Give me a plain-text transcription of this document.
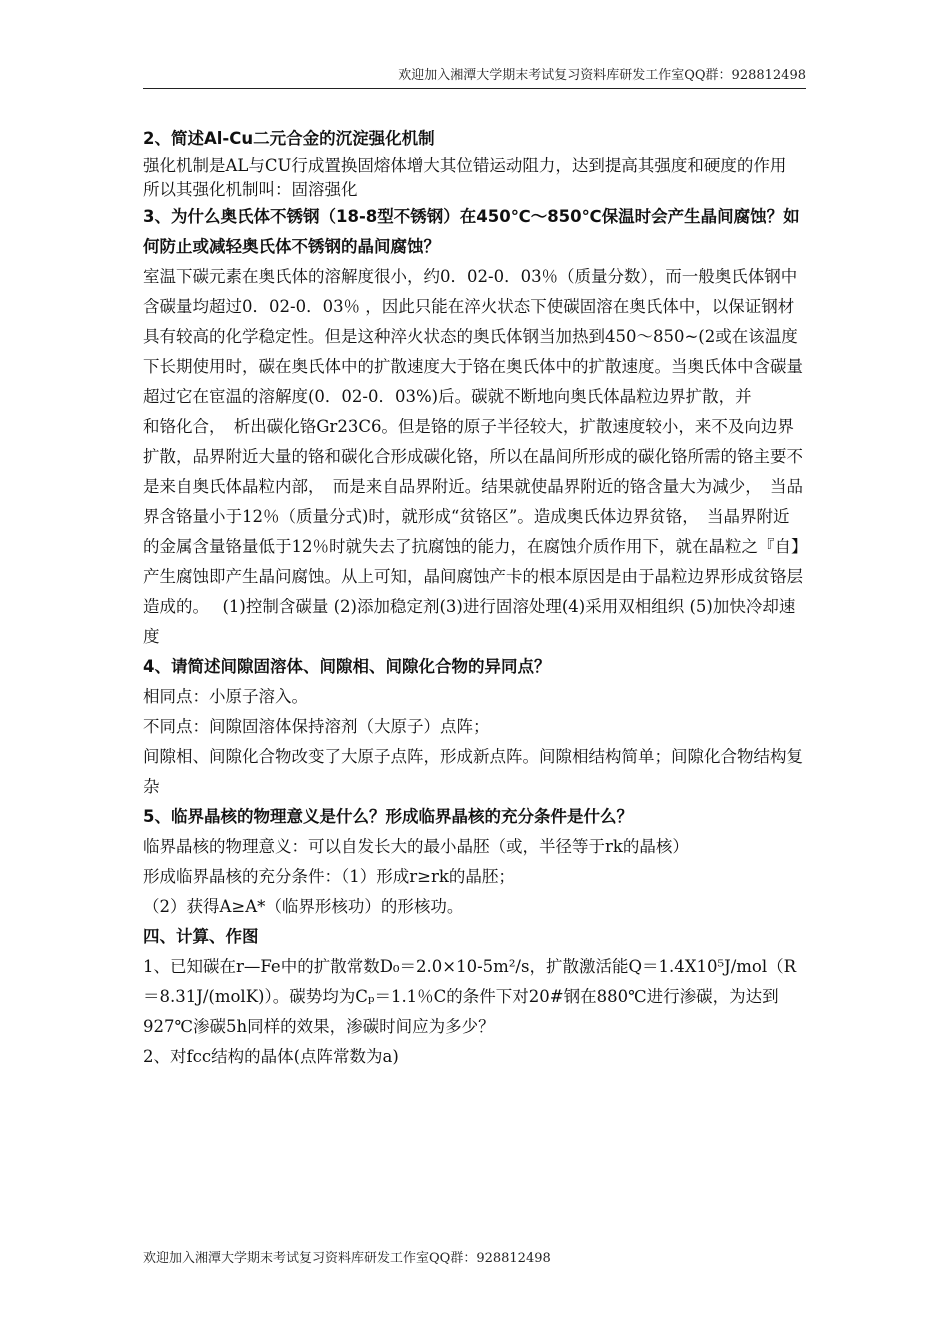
欢迎加入湘潭大学期末考试复习资料库研发工作室QQ群：928812498

2、简述Al-Cu二元合金的沉淀强化机制

强化机制是AL与CU行成置换固熔体增大其位错运动阻力，达到提高其强度和硬度的作用

所以其强化机制叫：固溶强化

3、为什么奥氏体不锈钢（18-8型不锈钢）在450℃～850℃保温时会产生晶间腐蚀？如何防止或减轻奥氏体不锈钢的晶间腐蚀？

室温下碳元素在奥氏体的溶解度很小，约0．02-0．03％（质量分数），而一般奥氏体钢中含碳量均超过0．02-0．03％ ，因此只能在淬火状态下使碳固溶在奥氏体中，以保证钢材具有较高的化学稳定性。但是这种淬火状态的奥氏体钢当加热到450～850~(2或在该温度下长期使用时，碳在奥氏体中的扩散速度大于铬在奥氏体中的扩散速度。当奥氏体中含碳量超过它在宦温的溶解度(0．02-0．03%)后。碳就不断地向奥氏体晶粒边界扩散，并

和铬化合，　析出碳化铬Gr23C6。但是铬的原子半径较大，扩散速度较小，来不及向边界扩散，品界附近大量的铬和碳化合形成碳化铬，所以在晶间所形成的碳化铬所需的铬主要不是来自奥氏体晶粒内部，　而是来自品界附近。结果就使晶界附近的铬含量大为减少，　当品界含铬量小于12％（质量分式)时，就形成“贫铬区”。造成奥氏体边界贫铬，　当晶界附近的金属含量铬量低于12％时就失去了抗腐蚀的能力，在腐蚀介质作用下，就在晶粒之『自】产生腐蚀即产生晶问腐蚀。从上可知，晶间腐蚀产卡的根本原因是由于晶粒边界形成贫铬层造成的。　 (1)控制含碳量 (2)添加稳定剂(3)进行固溶处理(4)采用双相组织 (5)加快冷却速度

4、请简述间隙固溶体、间隙相、间隙化合物的异同点？

相同点：小原子溶入。

不同点：间隙固溶体保持溶剂（大原子）点阵；

间隙相、间隙化合物改变了大原子点阵，形成新点阵。间隙相结构简单；间隙化合物结构复杂

5、临界晶核的物理意义是什么？形成临界晶核的充分条件是什么？

临界晶核的物理意义：可以自发长大的最小晶胚（或，半径等于rk的晶核）

形成临界晶核的充分条件：（1）形成r≥rk的晶胚；

（2）获得A≥A*（临界形核功）的形核功。

四、计算、作图

1、已知碳在r—Fe中的扩散常数D₀＝2.0×10-5m²/s，扩散激活能Q＝1.4X10⁵J/mol（R＝8.31J/(molK)）。碳势均为Cₚ＝1.1％C的条件下对20#钢在880℃进行渗碳，为达到927℃渗碳5h同样的效果，渗碳时间应为多少？

2、对fcc结构的晶体(点阵常数为a)

欢迎加入湘潭大学期末考试复习资料库研发工作室QQ群：928812498
